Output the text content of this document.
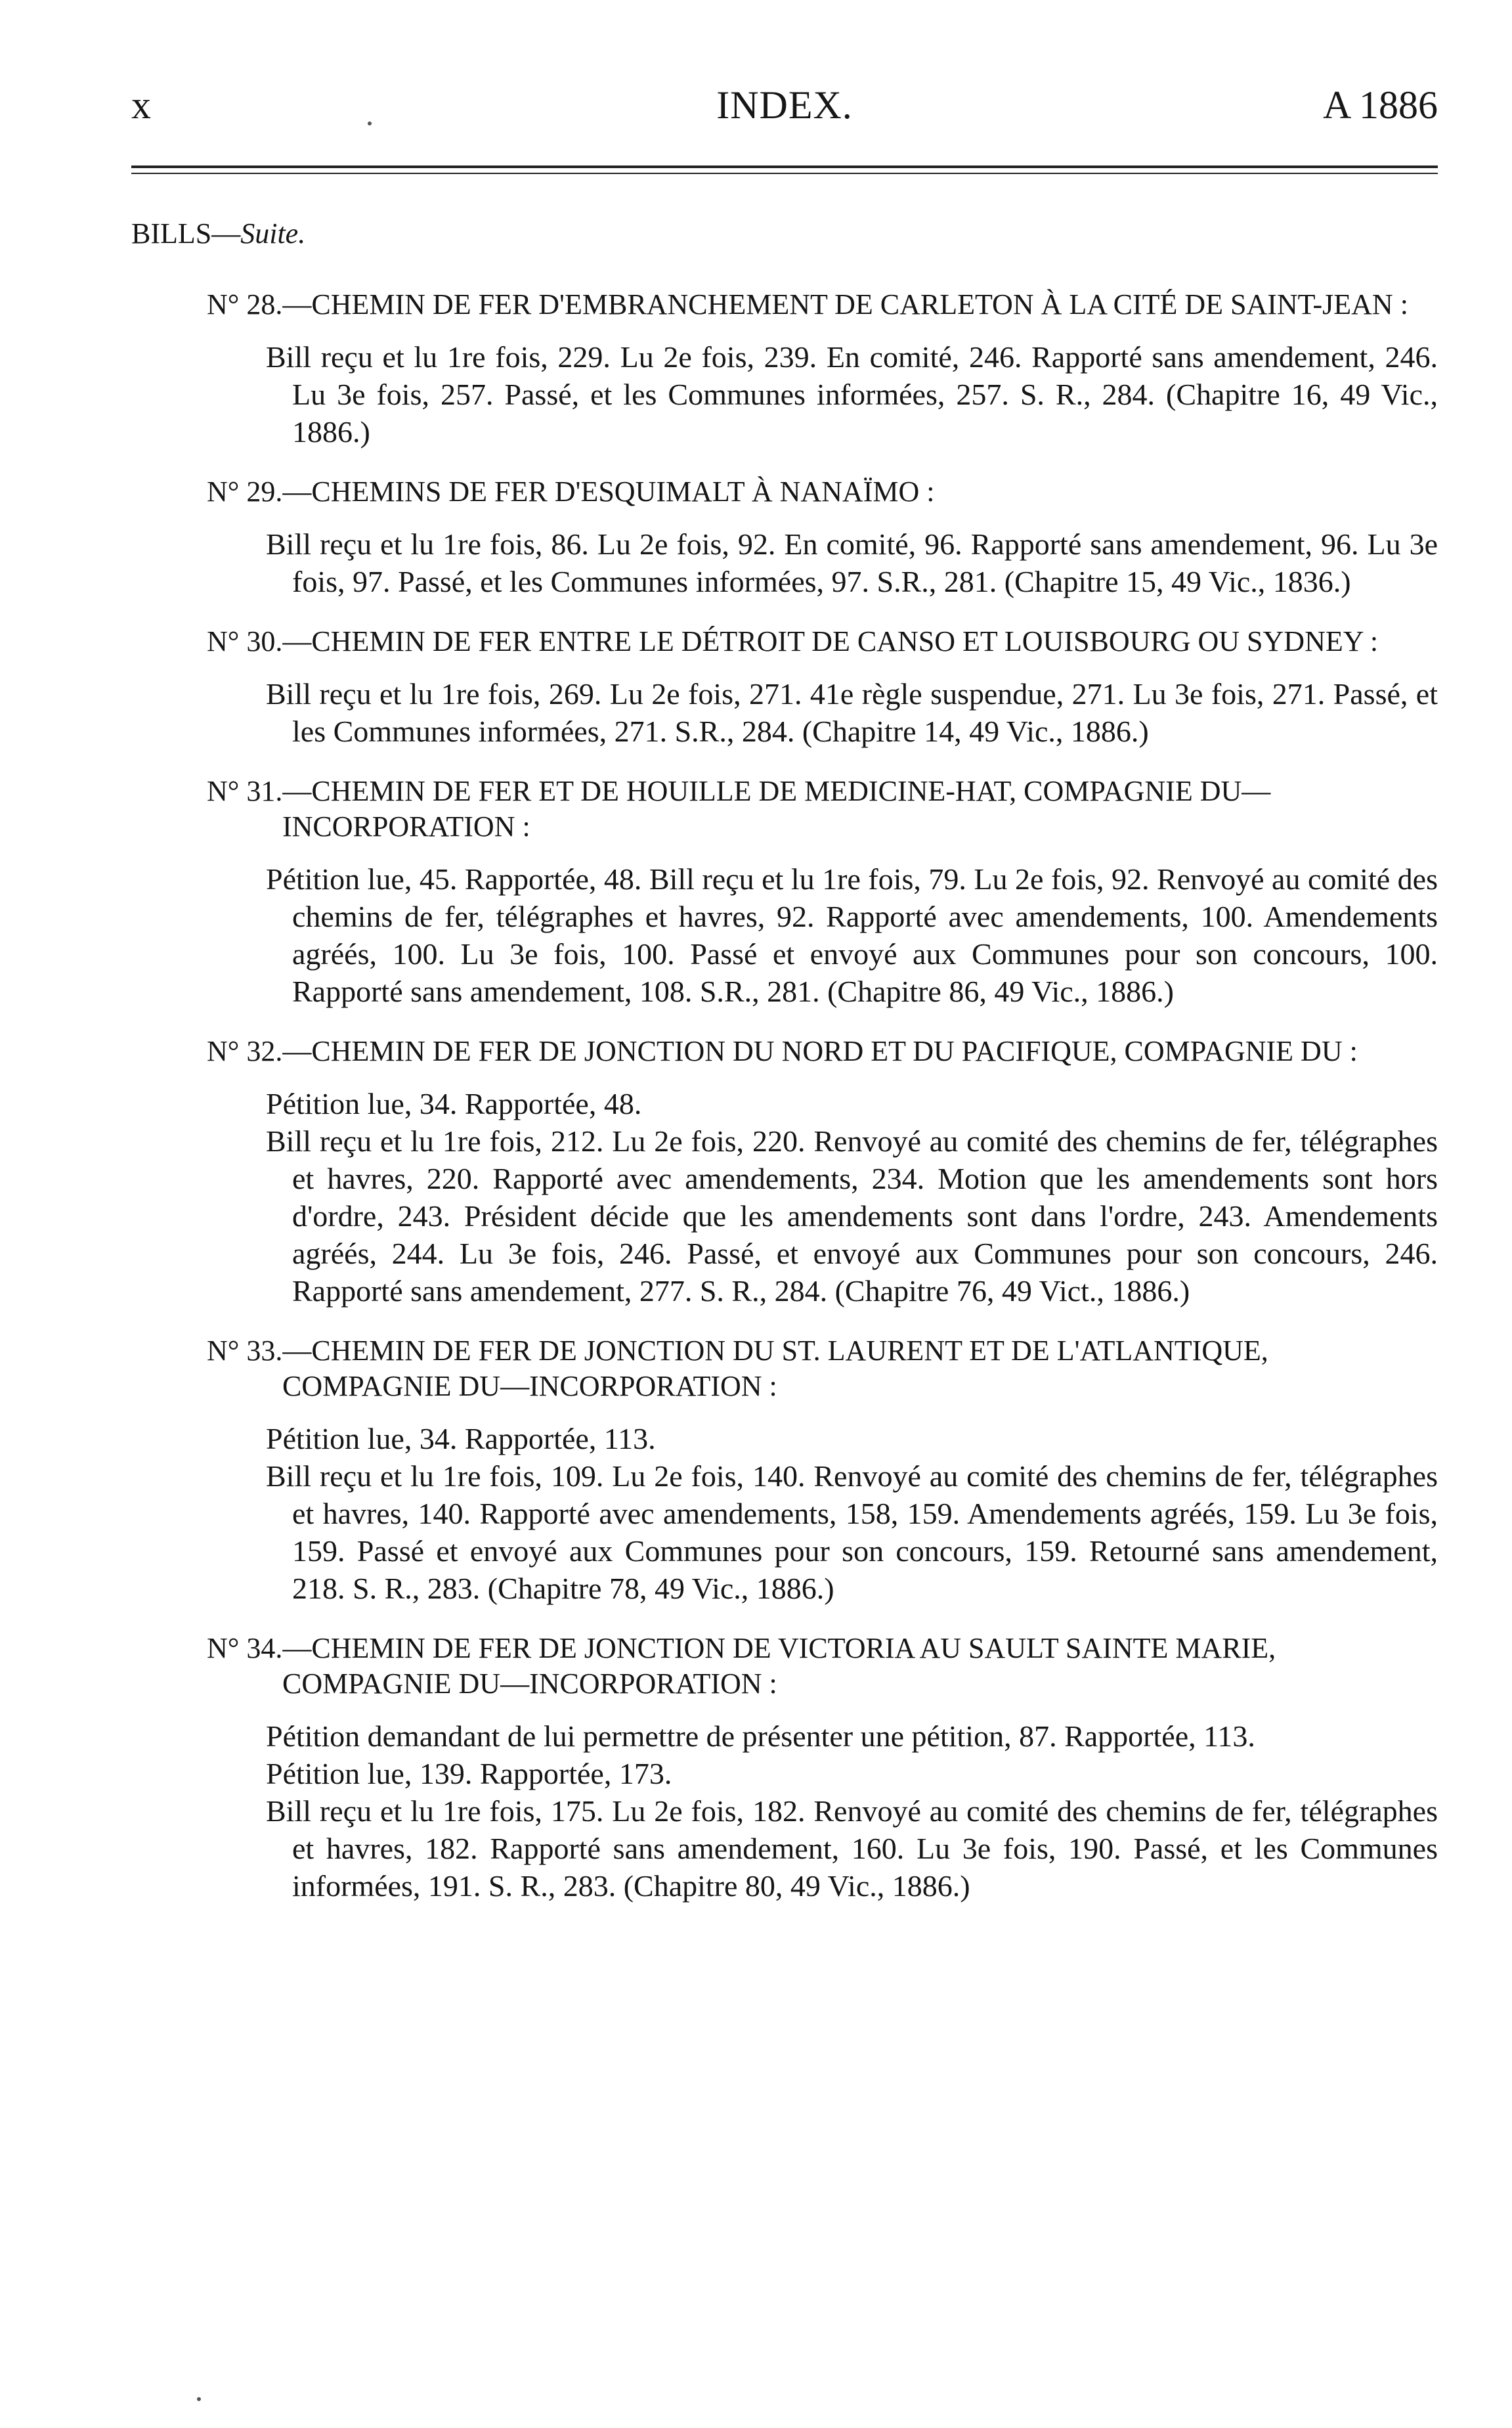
x	INDEX.	A 1886
BILLS—Suite.
N° 28.—CHEMIN DE FER D'EMBRANCHEMENT DE CARLETON À LA CITÉ DE SAINT-JEAN :
Bill reçu et lu 1re fois, 229. Lu 2e fois, 239. En comité, 246. Rapporté sans amendement, 246. Lu 3e fois, 257. Passé, et les Communes informées, 257. S. R., 284. (Chapitre 16, 49 Vic., 1886.)
N° 29.—CHEMINS DE FER D'ESQUIMALT À NANAÏMO :
Bill reçu et lu 1re fois, 86. Lu 2e fois, 92. En comité, 96. Rapporté sans amendement, 96. Lu 3e fois, 97. Passé, et les Communes informées, 97. S.R., 281. (Chapitre 15, 49 Vic., 1836.)
N° 30.—CHEMIN DE FER ENTRE LE DÉTROIT DE CANSO ET LOUISBOURG OU SYDNEY :
Bill reçu et lu 1re fois, 269. Lu 2e fois, 271. 41e règle suspendue, 271. Lu 3e fois, 271. Passé, et les Communes informées, 271. S.R., 284. (Chapitre 14, 49 Vic., 1886.)
N° 31.—CHEMIN DE FER ET DE HOUILLE DE MEDICINE-HAT, COMPAGNIE DU—INCORPORATION :
Pétition lue, 45. Rapportée, 48. Bill reçu et lu 1re fois, 79. Lu 2e fois, 92. Renvoyé au comité des chemins de fer, télégraphes et havres, 92. Rapporté avec amendements, 100. Amendements agréés, 100. Lu 3e fois, 100. Passé et envoyé aux Communes pour son concours, 100. Rapporté sans amendement, 108. S.R., 281. (Chapitre 86, 49 Vic., 1886.)
N° 32.—CHEMIN DE FER DE JONCTION DU NORD ET DU PACIFIQUE, COMPAGNIE DU :
Pétition lue, 34. Rapportée, 48.
Bill reçu et lu 1re fois, 212. Lu 2e fois, 220. Renvoyé au comité des chemins de fer, télégraphes et havres, 220. Rapporté avec amendements, 234. Motion que les amendements sont hors d'ordre, 243. Président décide que les amendements sont dans l'ordre, 243. Amendements agréés, 244. Lu 3e fois, 246. Passé, et envoyé aux Communes pour son concours, 246. Rapporté sans amendement, 277. S. R., 284. (Chapitre 76, 49 Vict., 1886.)
N° 33.—CHEMIN DE FER DE JONCTION DU ST. LAURENT ET DE L'ATLANTIQUE, COMPAGNIE DU—INCORPORATION :
Pétition lue, 34. Rapportée, 113.
Bill reçu et lu 1re fois, 109. Lu 2e fois, 140. Renvoyé au comité des chemins de fer, télégraphes et havres, 140. Rapporté avec amendements, 158, 159. Amendements agréés, 159. Lu 3e fois, 159. Passé et envoyé aux Communes pour son concours, 159. Retourné sans amendement, 218. S. R., 283. (Chapitre 78, 49 Vic., 1886.)
N° 34.—CHEMIN DE FER DE JONCTION DE VICTORIA AU SAULT SAINTE MARIE, COMPAGNIE DU—INCORPORATION :
Pétition demandant de lui permettre de présenter une pétition, 87. Rapportée, 113.
Pétition lue, 139. Rapportée, 173.
Bill reçu et lu 1re fois, 175. Lu 2e fois, 182. Renvoyé au comité des chemins de fer, télégraphes et havres, 182. Rapporté sans amendement, 160. Lu 3e fois, 190. Passé, et les Communes informées, 191. S. R., 283. (Chapitre 80, 49 Vic., 1886.)
